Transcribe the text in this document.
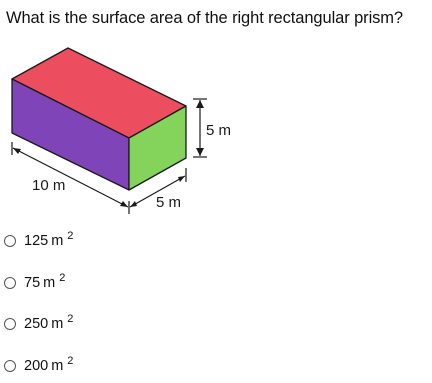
What is the surface area of the right rectangular prism?
10 m
5 m
5 m
125 m $^2$
75 m $^2$
250 m $^2$
200 m $^2$
